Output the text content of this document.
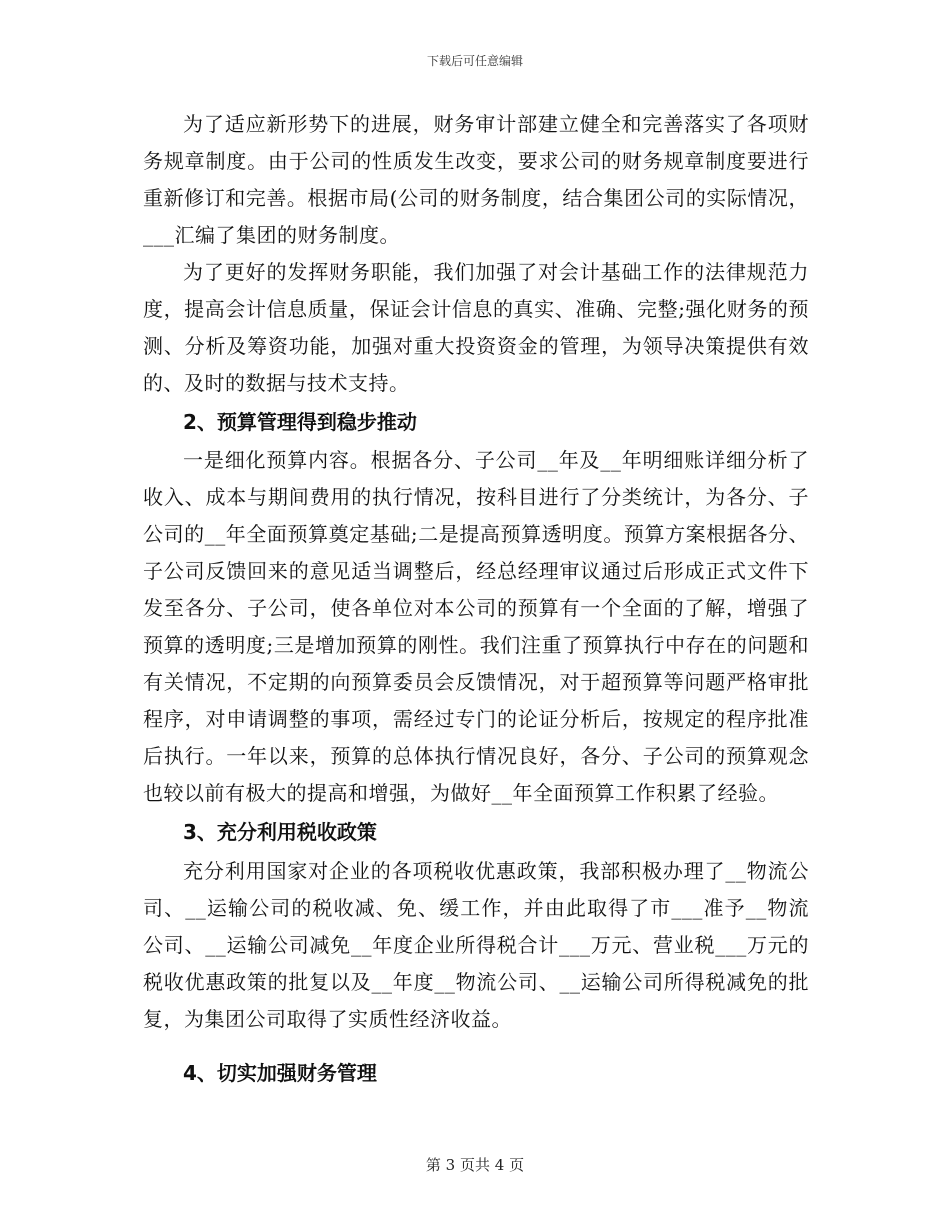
下载后可任意编辑

为了适应新形势下的进展，财务审计部建立健全和完善落实了各项财务规章制度。由于公司的性质发生改变，要求公司的财务规章制度要进行重新修订和完善。根据市局(公司的财务制度，结合集团公司的实际情况，___汇编了集团的财务制度。

为了更好的发挥财务职能，我们加强了对会计基础工作的法律规范力度，提高会计信息质量，保证会计信息的真实、准确、完整;强化财务的预测、分析及筹资功能，加强对重大投资资金的管理，为领导决策提供有效的、及时的数据与技术支持。

2、预算管理得到稳步推动

一是细化预算内容。根据各分、子公司__年及__年明细账详细分析了收入、成本与期间费用的执行情况，按科目进行了分类统计，为各分、子公司的__年全面预算奠定基础;二是提高预算透明度。预算方案根据各分、子公司反馈回来的意见适当调整后，经总经理审议通过后形成正式文件下发至各分、子公司，使各单位对本公司的预算有一个全面的了解，增强了预算的透明度;三是增加预算的刚性。我们注重了预算执行中存在的问题和有关情况，不定期的向预算委员会反馈情况，对于超预算等问题严格审批程序，对申请调整的事项，需经过专门的论证分析后，按规定的程序批准后执行。一年以来，预算的总体执行情况良好，各分、子公司的预算观念也较以前有极大的提高和增强，为做好__年全面预算工作积累了经验。

3、充分利用税收政策

充分利用国家对企业的各项税收优惠政策，我部积极办理了__物流公司、__运输公司的税收减、免、缓工作，并由此取得了市___准予__物流公司、__运输公司减免__年度企业所得税合计___万元、营业税___万元的税收优惠政策的批复以及__年度__物流公司、__运输公司所得税减免的批复，为集团公司取得了实质性经济收益。

4、切实加强财务管理

第 3 页共 4 页
